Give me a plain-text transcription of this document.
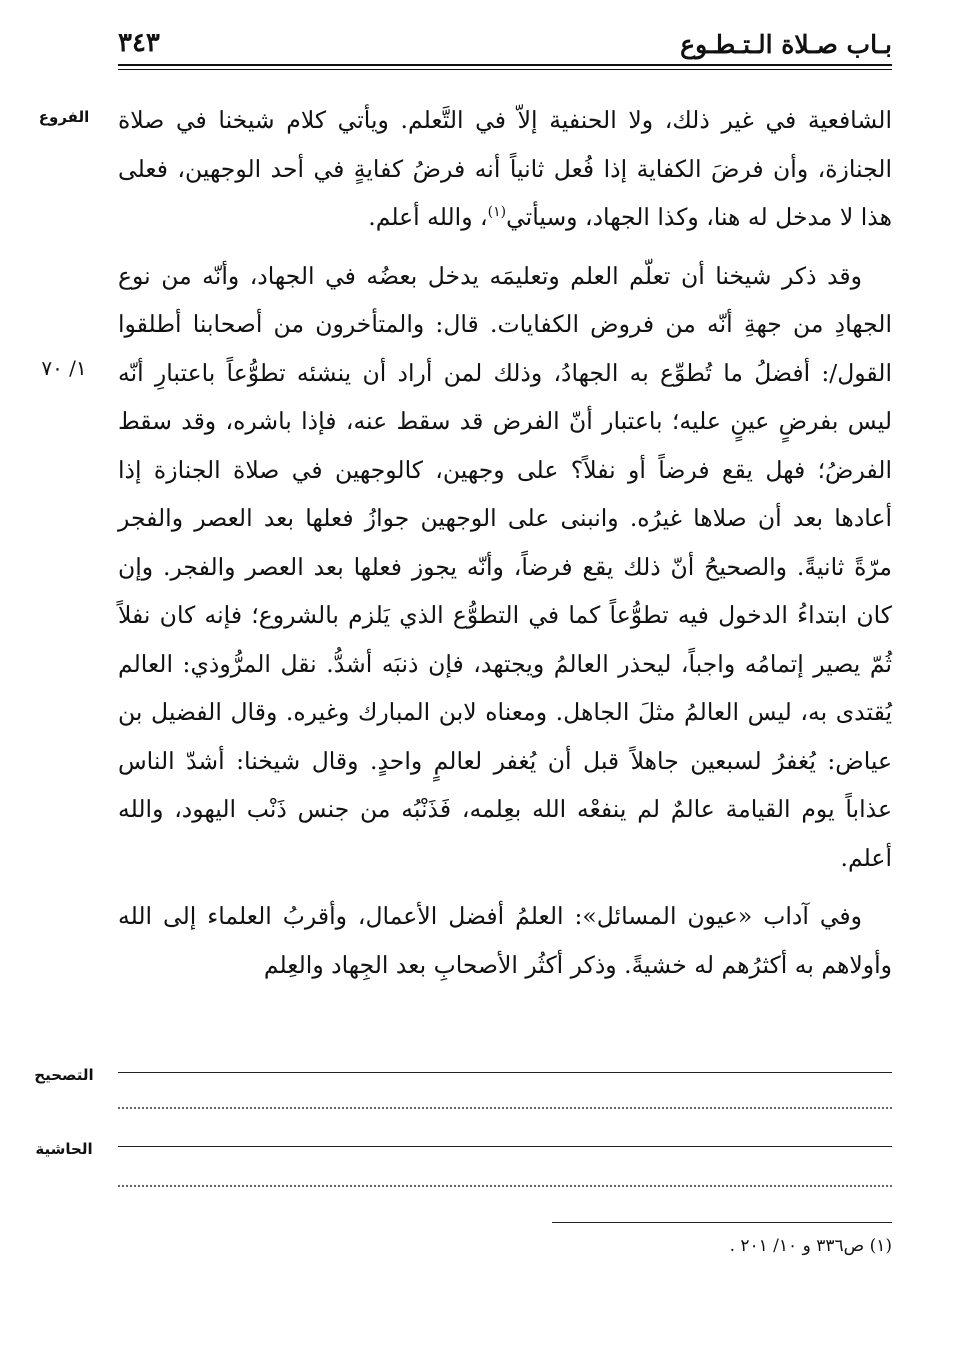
بـاب صـلاة الـتـطـوع
٣٤٣
الفروع
١/ ٧٠

الشافعية في غير ذلك، ولا الحنفية إلاّ في التَّعلم. ويأتي كلام شيخنا في صلاة الجنازة، وأن فرضَ الكفاية إذا فُعل ثانياً أنه فرضُ كفايةٍ في أحد الوجهين، فعلى هذا لا مدخل له هنا، وكذا الجهاد، وسيأتي$^{(١)}$، والله أعلم.

وقد ذكر شيخنا أن تعلّم العلم وتعليمَه يدخل بعضُه في الجهاد، وأنّه من نوع الجهادِ من جهةِ أنّه من فروض الكفايات. قال: والمتأخرون من أصحابنا أطلقوا القول/: أفضلُ ما تُطوِّع به الجهادُ، وذلك لمن أراد أن ينشئه تطوُّعاً باعتبارِ أنّه ليس بفرضٍ عينٍ عليه؛ باعتبار أنّ الفرض قد سقط عنه، فإذا باشره، وقد سقط الفرضُ؛ فهل يقع فرضاً أو نفلاً؟ على وجهين، كالوجهين في صلاة الجنازة إذا أعادها بعد أن صلاها غيرُه. وانبنى على الوجهين جوازُ فعلها بعد العصر والفجر مرّةً ثانيةً. والصحيحُ أنّ ذلك يقع فرضاً، وأنّه يجوز فعلها بعد العصر والفجر. وإن كان ابتداءُ الدخول فيه تطوُّعاً كما في التطوُّع الذي يَلزم بالشروع؛ فإنه كان نفلاً ثُمّ يصير إتمامُه واجباً، ليحذر العالمُ ويجتهد، فإن ذنبَه أشدُّ. نقل المرُّوذي: العالم يُقتدى به، ليس العالمُ مثلَ الجاهل. ومعناه لابن المبارك وغيره. وقال الفضيل بن عياض: يُغفرُ لسبعين جاهلاً قبل أن يُغفر لعالمٍ واحدٍ. وقال شيخنا: أشدّ الناس عذاباً يوم القيامة عالمٌ لم ينفعْه الله بعِلمه، فَذَنْبُه من جنس ذَنْب اليهود، والله أعلم.

وفي آداب «عيون المسائل»: العلمُ أفضل الأعمال، وأقربُ العلماء إلى الله وأولاهم به أكثرُهم له خشيةً. وذكر أكثُر الأصحابِ بعد الجِهاد والعِلم

التصحيح
الحاشية
(١) ص٣٣٦ و ١٠/ ٢٠١ .
